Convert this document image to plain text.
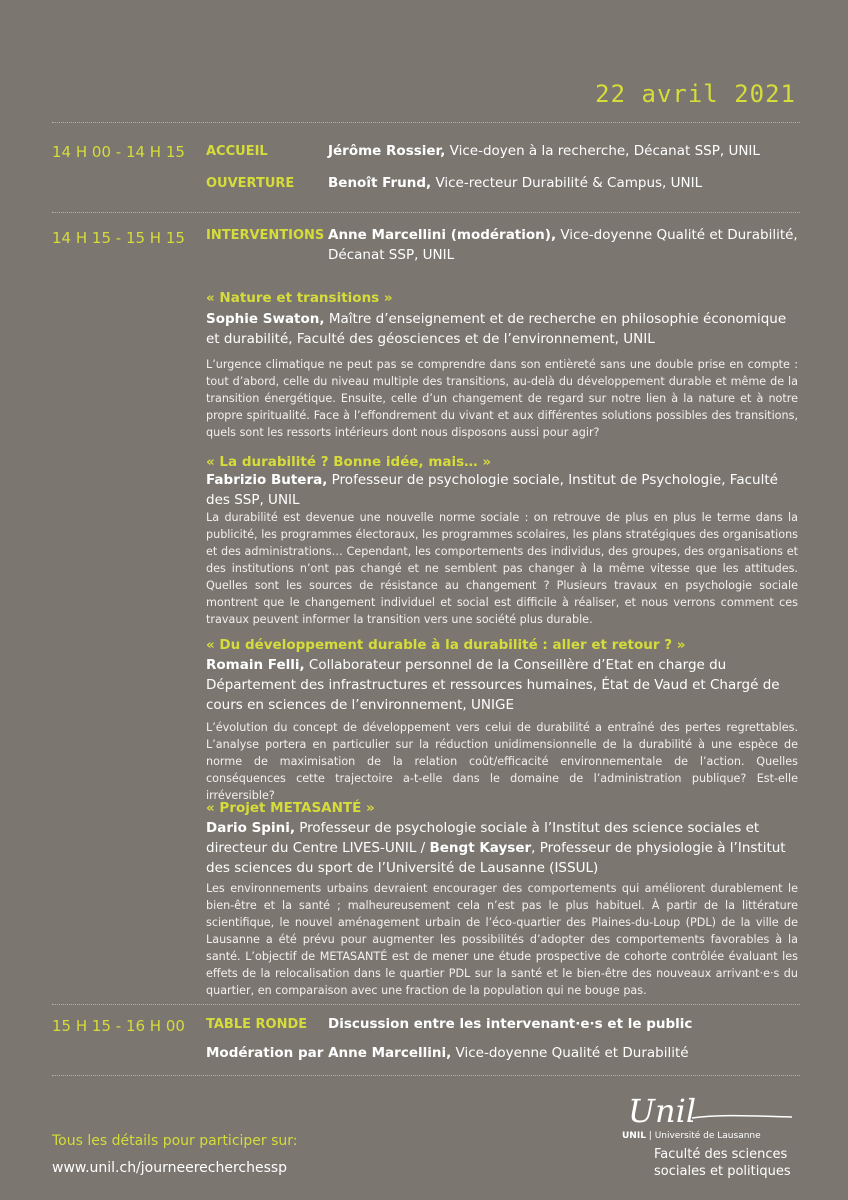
22 avril 2021
14 H 00 - 14 H 15 ACCUEIL	Jérôme Rossier, Vice-doyen à la recherche, Décanat SSP, UNIL
OUVERTURE Benoît Frund, Vice-recteur Durabilité & Campus, UNIL
14 H 15 - 15 H 15 INTERVENTIONS Anne Marcellini (modération), Vice-doyenne Qualité et Durabilité, Décanat SSP, UNIL
« Nature et transitions »
Sophie Swaton, Maître d’enseignement et de recherche en philosophie économique et durabilité, Faculté des géosciences et de l’environnement, UNIL
L’urgence climatique ne peut pas se comprendre dans son entièreté sans une double prise en compte : tout d’abord, celle du niveau multiple des transitions, au-delà du développement durable et même de la transition énergétique. Ensuite, celle d’un changement de regard sur notre lien à la nature et à notre propre spiritualité. Face à l’effondrement du vivant et aux différentes solutions possibles des transitions, quels sont les ressorts intérieurs dont nous disposons aussi pour agir?
« La durabilité ? Bonne idée, mais… »
Fabrizio Butera, Professeur de psychologie sociale, Institut de Psychologie, Faculté des SSP, UNIL
La durabilité est devenue une nouvelle norme sociale : on retrouve de plus en plus le terme dans la publicité, les programmes électoraux, les programmes scolaires, les plans stratégiques des organisations et des administrations… Cependant, les comportements des individus, des groupes, des organisations et des institutions n’ont pas changé et ne semblent pas changer à la même vitesse que les attitudes. Quelles sont les sources de résistance au changement ? Plusieurs travaux en psychologie sociale montrent que le changement individuel et social est difficile à réaliser, et nous verrons comment ces travaux peuvent informer la transition vers une société plus durable.
« Du développement durable à la durabilité : aller et retour ? »
Romain Felli, Collaborateur personnel de la Conseillère d’Etat en charge du Département des infrastructures et ressources humaines, État de Vaud et Chargé de cours en sciences de l’environnement, UNIGE
L’évolution du concept de développement vers celui de durabilité a entraîné des pertes regrettables. L’analyse portera en particulier sur la réduction unidimensionnelle de la durabilité à une espèce de norme de maximisation de la relation coût/efficacité environnementale de l’action. Quelles conséquences cette trajectoire a-t-elle dans le domaine de l’administration publique? Est-elle irréversible?
« Projet METASANTÉ »
Dario Spini, Professeur de psychologie sociale à l’Institut des science sociales et directeur du Centre LIVES-UNIL / Bengt Kayser, Professeur de physiologie à l’Institut des sciences du sport de l’Université de Lausanne (ISSUL)
Les environnements urbains devraient encourager des comportements qui améliorent durablement le bien-être et la santé ; malheureusement cela n’est pas le plus habituel. À partir de la littérature scientifique, le nouvel aménagement urbain de l’éco-quartier des Plaines-du-Loup (PDL) de la ville de Lausanne a été prévu pour augmenter les possibilités d’adopter des comportements favorables à la santé. L’objectif de METASANTÉ est de mener une étude prospective de cohorte contrôlée évaluant les effets de la relocalisation dans le quartier PDL sur la santé et le bien-être des nouveaux arrivant·e·s du quartier, en comparaison avec une fraction de la population qui ne bouge pas.
15 H 15 - 16 H 00 TABLE RONDE Discussion entre les intervenant·e·s et le public
Modération par Anne Marcellini, Vice-doyenne Qualité et Durabilité
Tous les détails pour participer sur:
www.unil.ch/journeerecherchessp
Unil
UNIL | Université de Lausanne
Faculté des sciences sociales et politiques
